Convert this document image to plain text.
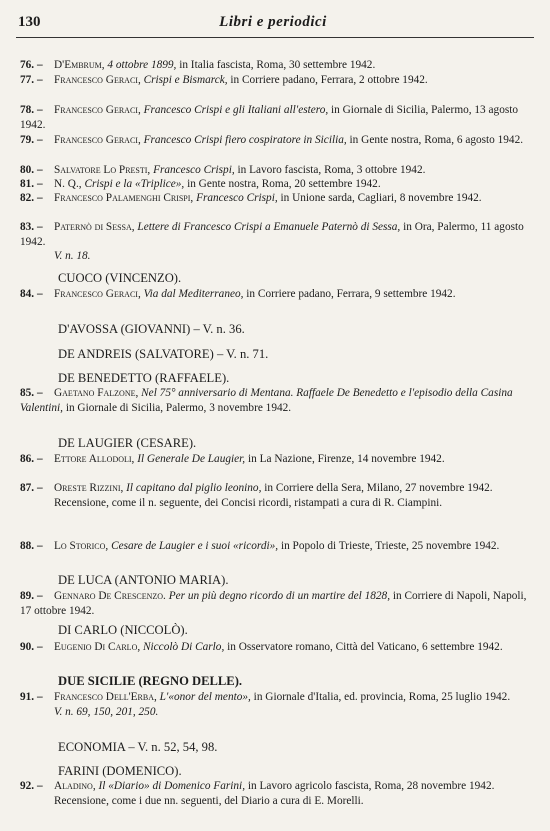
130	Libri e periodici
76. – D'Embrum, 4 ottobre 1899, in Italia fascista, Roma, 30 settembre 1942.
77. – Francesco Geraci, Crispi e Bismarck, in Corriere padano, Ferrara, 2 ottobre 1942.
78. – Francesco Geraci, Francesco Crispi e gli Italiani all'estero, in Giornale di Sicilia, Palermo, 13 agosto 1942.
79. – Francesco Geraci, Francesco Crispi fiero cospiratore in Sicilia, in Gente nostra, Roma, 6 agosto 1942.
80. – Salvatore Lo Presti, Francesco Crispi, in Lavoro fascista, Roma, 3 ottobre 1942.
81. – N. Q., Crispi e la «Triplice», in Gente nostra, Roma, 20 settembre 1942.
82. – Francesco Palamenghi Crispi, Francesco Crispi, in Unione sarda, Cagliari, 8 novembre 1942.
83. – Paternò di Sessa, Lettere di Francesco Crispi a Emanuele Paternò di Sessa, in Ora, Palermo, 11 agosto 1942.
V. n. 18.
CUOCO (VINCENZO).
84. – Francesco Geraci, Via dal Mediterraneo, in Corriere padano, Ferrara, 9 settembre 1942.
D'AVOSSA (GIOVANNI) – V. n. 36.
DE ANDREIS (SALVATORE) – V. n. 71.
DE BENEDETTO (RAFFAELE).
85. – Gaetano Falzone, Nel 75° anniversario di Mentana. Raffaele De Benedetto e l'episodio della Casina Valentini, in Giornale di Sicilia, Palermo, 3 novembre 1942.
DE LAUGIER (CESARE).
86. – Ettore Allodoli, Il Generale De Laugier, in La Nazione, Firenze, 14 novembre 1942.
87. – Oreste Rizzini, Il capitano dal piglio leonino, in Corriere della Sera, Milano, 27 novembre 1942.
Recensione, come il n. seguente, dei Concisi ricordi, ristampati a cura di R. Ciampini.
88. – Lo Storico, Cesare de Laugier e i suoi «ricordi», in Popolo di Trieste, Trieste, 25 novembre 1942.
DE LUCA (ANTONIO MARIA).
89. – Gennaro De Crescenzo. Per un più degno ricordo di un martire del 1828, in Corriere di Napoli, Napoli, 17 ottobre 1942.
DI CARLO (NICCOLÒ).
90. – Eugenio Di Carlo, Niccolò Di Carlo, in Osservatore romano, Città del Vaticano, 6 settembre 1942.
DUE SICILIE (REGNO DELLE).
91. – Francesco Dell'Erba, L'«onor del mento», in Giornale d'Italia, ed. provincia, Roma, 25 luglio 1942.
V. n. 69, 150, 201, 250.
ECONOMIA – V. n. 52, 54, 98.
FARINI (DOMENICO).
92. – Aladino, Il «Diario» di Domenico Farini, in Lavoro agricolo fascista, Roma, 28 novembre 1942.
Recensione, come i due nn. seguenti, del Diario a cura di E. Morelli.
